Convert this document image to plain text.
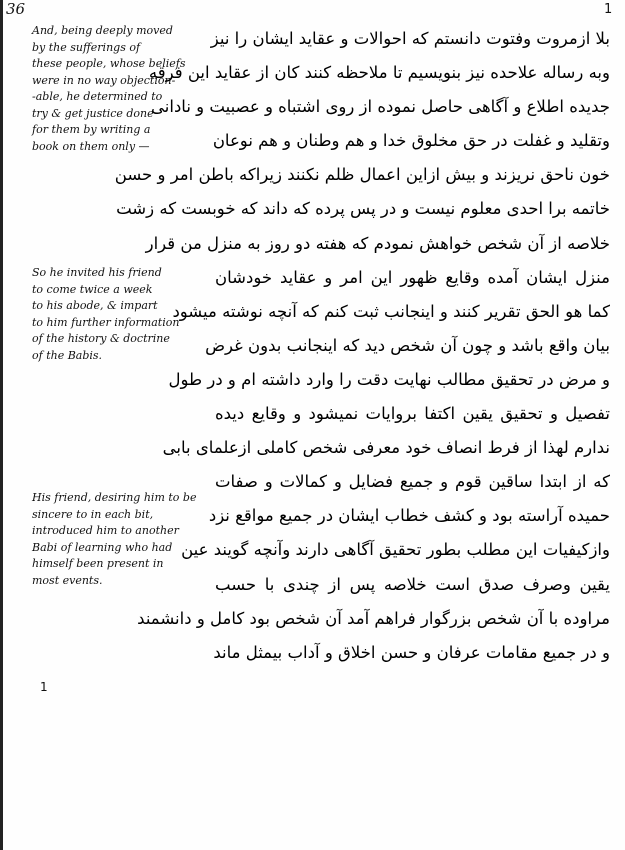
36	1
And, being deeply moved
by the sufferings of
these people, whose beliefs
were in no way objection-
-able, he determined to
try & get justice done
for them by writing a
book on them only —
So he invited his friend
to come twice a week
to his abode, & impart
to him further information
of the history & doctrine
of the Babis.
His friend, desiring him to be
sincere to in each bit,
introduced him to another
Babi of learning who had
himself been present in
most events.
1
بلا ازمروت وفتوت دانستم که احوالات و عقاید ایشان را نیز
وبه رساله علاحده نیز بنویسیم تا ملاحظه کنند کان از عقاید این فرقه
جدیده اطلاع و آگاهی حاصل نموده از روی اشتباه و عصبیت و نادانی
وتقلید و غفلت در حق مخلوق خدا و هم وطنان و هم نوعان
خون ناحق نریزند و بیش ازاین اعمال ظلم نکنند زیراکه باطن امر و حسن
خاتمه برا احدی معلوم نیست و در پس پرده که داند که خوبست که زشت
خلاصه از آن شخص خواهش نمودم که هفته دو روز به منزل من قرار
منزل ایشان آمده وقایع ظهور این امر و عقاید خودشان
کما هو الحق تقریر کنند و اینجانب ثبت کنم که آنچه نوشته میشود
بیان واقع باشد و چون آن شخص دید که اینجانب بدون غرض
و مرض در تحقیق مطالب نهایت دقت را وارد داشته ام و در طول
تفصیل و تحقیق یقین اکتفا بروایات نمیشود و وقایع دیده
ندارم لهذا از فرط انصاف خود معرفی شخص کاملی ازعلمای بابی
که از ابتدا ساقین قوم و جمیع فضایل و کمالات و صفات
حمیده آراسته بود و کشف خطاب ایشان در جمیع مواقع نزد
وازکیفیات این مطلب بطور تحقیق آگاهی دارند وآنچه گویند عین
یقین وصرف صدق است خلاصه پس از چندی با حسب
مراوده با آن شخص بزرگوار فراهم آمد آن شخص بود کامل و دانشمند
و در جمیع مقامات عرفان و حسن اخلاق و آداب بیمثل ماند
